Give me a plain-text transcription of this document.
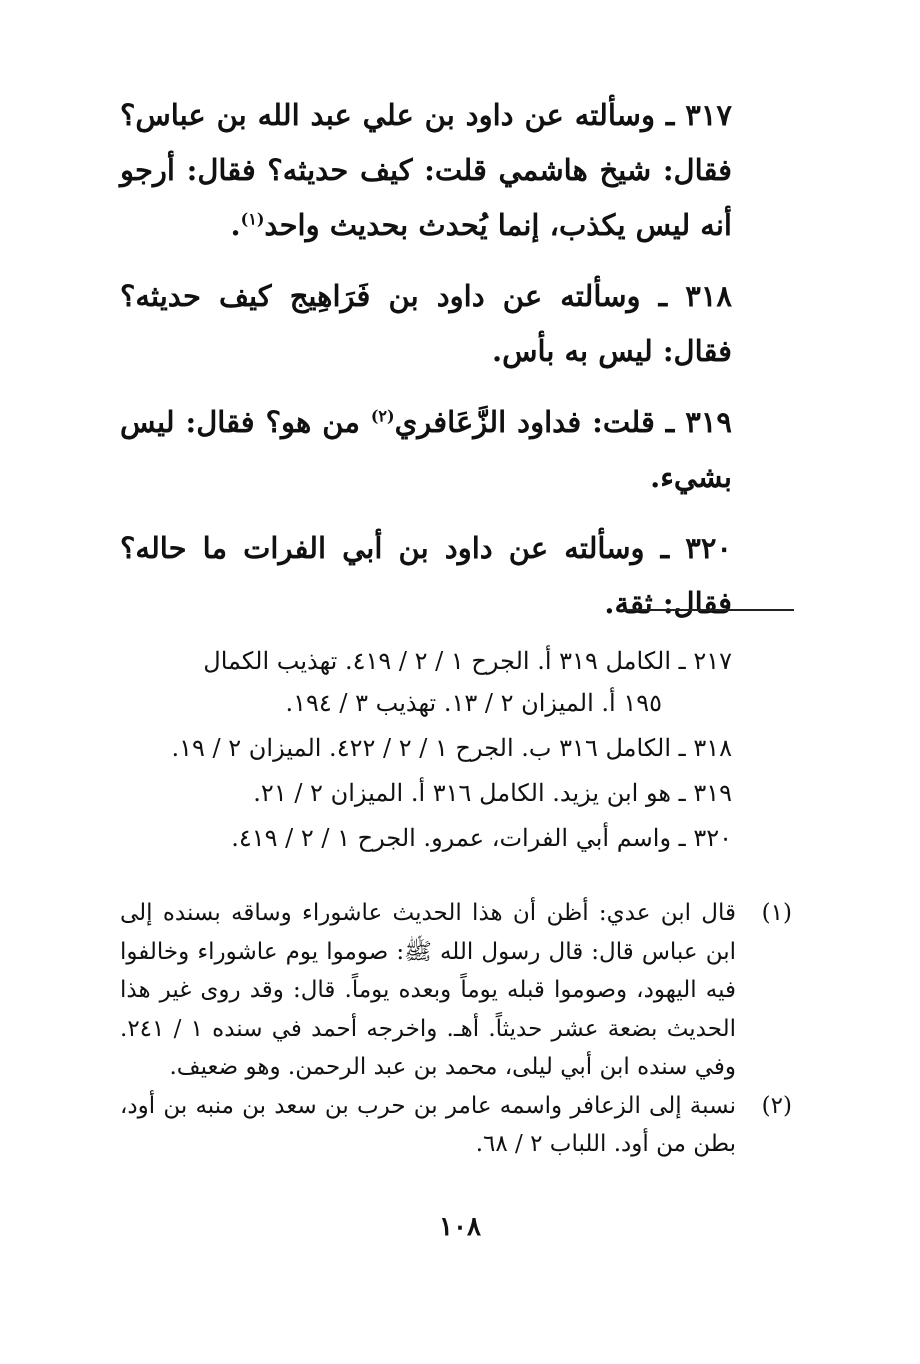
٣١٧ ـ وسألته عن داود بن علي عبد الله بن عباس؟ فقال: شيخ هاشمي قلت: كيف حديثه؟ فقال: أرجو أنه ليس يكذب، إنما يُحدث بحديث واحد$^{(١)}$.

٣١٨ ـ وسألته عن داود بن فَرَاهِيج كيف حديثه؟ فقال: ليس به بأس.

٣١٩ ـ قلت: فداود الزَّعَافري$^{(٢)}$ من هو؟ فقال: ليس بشيء.

٣٢٠ ـ وسألته عن داود بن أبي الفرات ما حاله؟ فقال: ثقة.

٢١٧ ـ الكامل ٣١٩ أ. الجرح ١ / ٢ / ٤١٩. تهذيب الكمال
١٩٥ أ. الميزان ٢ / ١٣. تهذيب ٣ / ١٩٤.
٣١٨ ـ الكامل ٣١٦ ب. الجرح ١ / ٢ / ٤٢٢. الميزان ٢ / ١٩.
٣١٩ ـ هو ابن يزيد. الكامل ٣١٦ أ. الميزان ٢ / ٢١.
٣٢٠ ـ واسم أبي الفرات، عمرو. الجرح ١ / ٢ / ٤١٩.
(١)
قال ابن عدي: أظن أن هذا الحديث عاشوراء وساقه بسنده إلى ابن عباس قال: قال رسول الله ﷺ: صوموا يوم عاشوراء وخالفوا فيه اليهود، وصوموا قبله يوماً وبعده يوماً. قال: وقد روى غير هذا الحديث بضعة عشر حديثاً. أهـ. واخرجه أحمد في سنده ١ / ٢٤١. وفي سنده ابن أبي ليلى، محمد بن عبد الرحمن. وهو ضعيف.
(٢)
نسبة إلى الزعافر واسمه عامر بن حرب بن سعد بن منبه بن أود، بطن من أود. اللباب ٢ / ٦٨.
١٠٨
